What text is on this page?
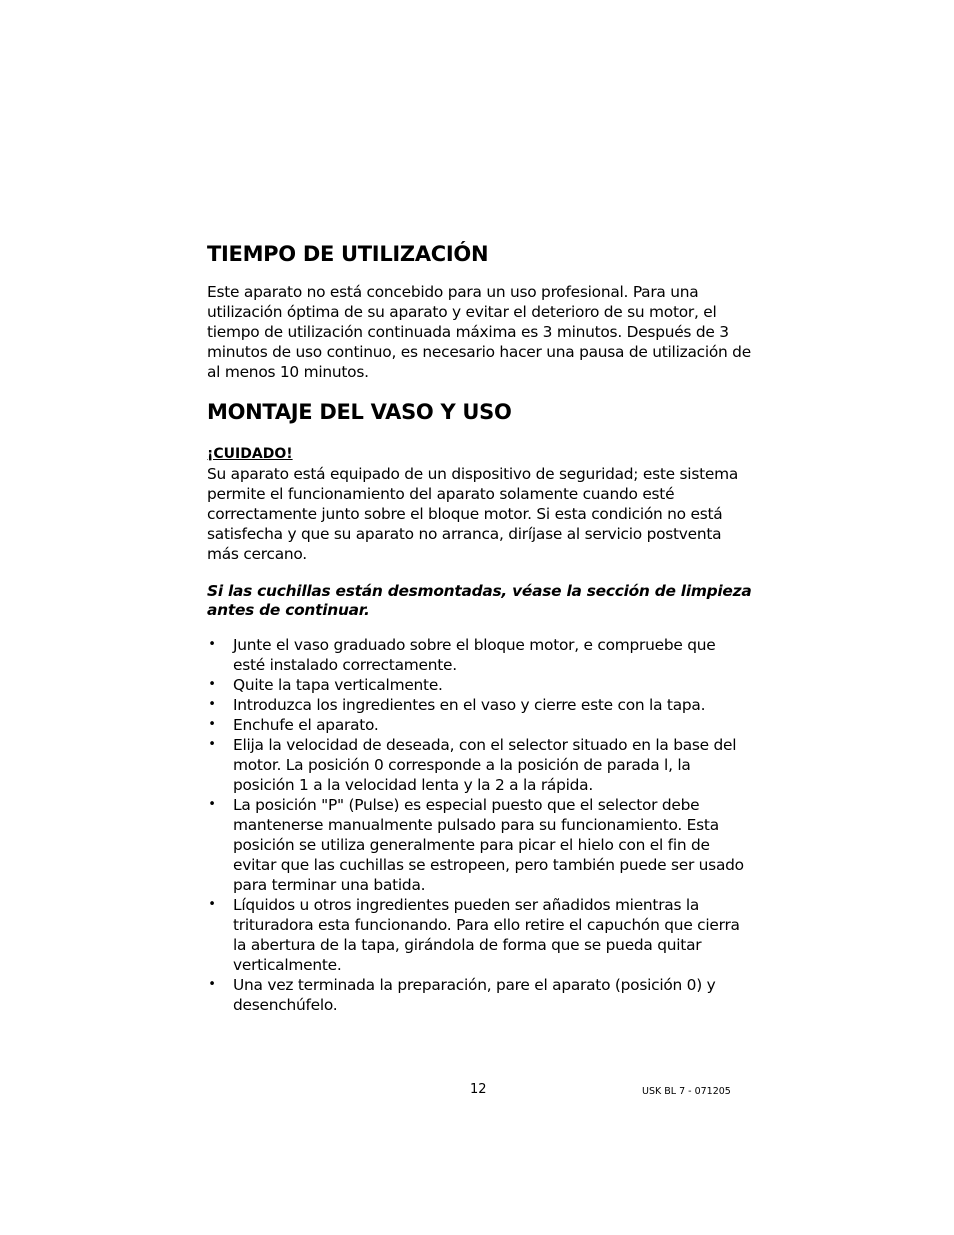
TIEMPO DE UTILIZACIÓN

Este aparato no está concebido para un uso profesional. Para una utilización óptima de su aparato y evitar el deterioro de su motor, el tiempo de utilización continuada máxima es 3 minutos. Después de 3 minutos de uso continuo, es necesario hacer una pausa de utilización de al menos 10 minutos.

MONTAJE DEL VASO Y USO
¡CUIDADO!

Su aparato está equipado de un dispositivo de seguridad; este sistema permite el funcionamiento del aparato solamente cuando esté correctamente junto sobre el bloque motor. Si esta condición no está satisfecha y que su aparato no arranca, diríjase al servicio postventa más cercano.

Si las cuchillas están desmontadas, véase la sección de limpieza antes de continuar.

• Junte el vaso graduado sobre el bloque motor, e compruebe que esté instalado correctamente.
• Quite la tapa verticalmente.
• Introduzca los ingredientes en el vaso y cierre este con la tapa.
• Enchufe el aparato.
• Elija la velocidad de deseada, con el selector situado en la base del motor. La posición 0 corresponde a la posición de parada l, la posición 1 a la velocidad lenta y la 2 a la rápida.
• La posición "P" (Pulse) es especial puesto que el selector debe mantenerse manualmente pulsado para su funcionamiento. Esta posición se utiliza generalmente para picar el hielo con el fin de evitar que las cuchillas se estropeen, pero también puede ser usado para terminar una batida.
• Líquidos u otros ingredientes pueden ser añadidos mientras la trituradora esta funcionando. Para ello retire el capuchón que cierra la abertura de la tapa, girándola de forma que se pueda quitar verticalmente.
• Una vez terminada la preparación, pare el aparato (posición 0) y desenchúfelo.
12	USK BL 7 - 071205
